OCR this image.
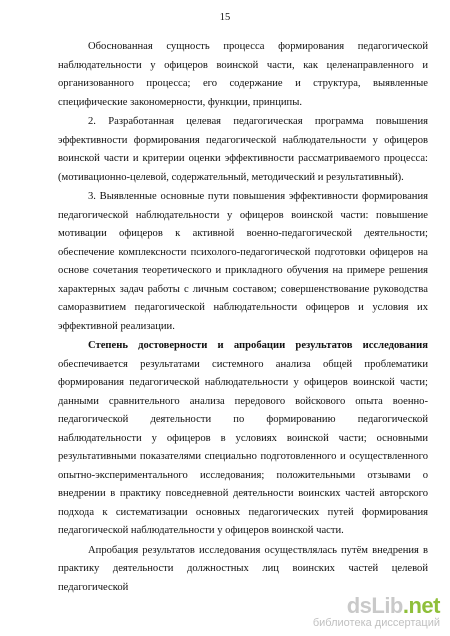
15

Обоснованная сущность процесса формирования педагогической наблюдательности у офицеров воинской части, как целенаправленного и организованного процесса; его содержание и структура, выявленные специфические закономерности, функции, принципы.

2. Разработанная целевая педагогическая программа повышения эффективности формирования педагогической наблюдательности у офицеров воинской части и критерии оценки эффективности рассматриваемого процесса: (мотивационно-целевой, содержательный, методический и результативный).

3. Выявленные основные пути повышения эффективности формирования педагогической наблюдательности у офицеров воинской части: повышение мотивации офицеров к активной военно-педагогической деятельности; обеспечение комплексности психолого-педагогической подготовки офицеров на основе сочетания теоретического и прикладного обучения на примере решения характерных задач работы с личным составом; совершенствование руководства саморазвитием педагогической наблюдательности офицеров и условия их эффективной реализации.

Степень достоверности и апробации результатов исследования обеспечивается результатами системного анализа общей проблематики формирования педагогической наблюдательности у офицеров воинской части; данными сравнительного анализа передового войскового опыта военно-педагогической деятельности по формированию педагогической наблюдательности у офицеров в условиях воинской части; основными результативными показателями специально подготовленного и осуществленного опытно-экспериментального исследования; положительными отзывами о внедрении в практику повседневной деятельности воинских частей авторского подхода к систематизации основных педагогических путей формирования педагогической наблюдательности у офицеров воинской части.

Апробация результатов исследования осуществлялась путём внедрения в практику деятельности должностных лиц воинских частей целевой педагогической

dsLib.net
библиотека диссертаций
